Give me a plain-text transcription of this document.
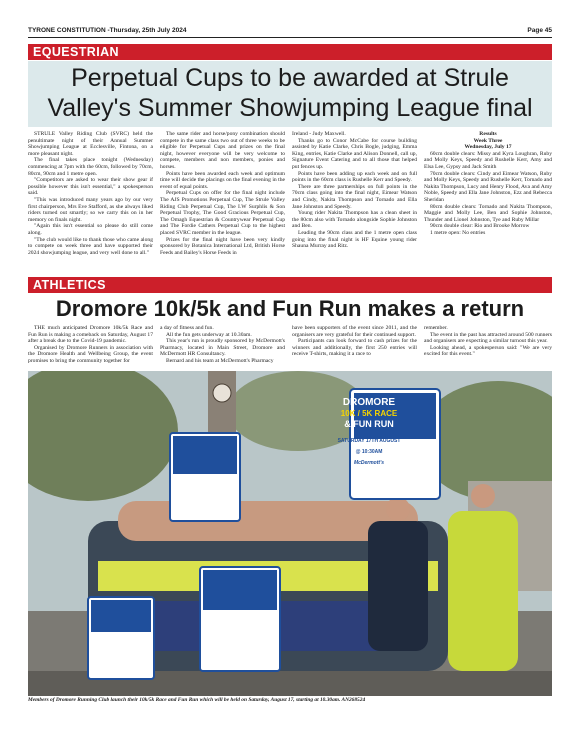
TYRONE CONSTITUTION -Thursday, 25th July 2024	Page 45
EQUESTRIAN
Perpetual Cups to be awarded at Strule
Valley's Summer Showjumping League final

STRULE Valley Riding Club (SVRC) held the penultimate night of their Annual Summer Showjumping League at Ecclesville, Fintona, on a more pleasant night.

The final takes place tonight (Wednesday) commencing at 7pm with the 60cm, followed by 70cm, 80cm, 90cm and 1 metre open.

"Competitors are asked to wear their show gear if possible however this isn't essential," a spokesperson said.

"This was introduced many years ago by our very first chairperson, Mrs Eve Stafford, as she always liked riders turned out smartly; so we carry this on in her memory on finals night.

"Again this isn't essential so please do still come along.

"The club would like to thank those who came along to compete on week three and have supported their 2024 showjumping league, and very well done to all."

The same rider and horse/pony combination should compete in the same class two out of three weeks to be eligible for Perpetual Cups and prizes on the final night, however everyone will be very welcome to compete, members and non members, ponies and horses.

Points have been awarded each week and optimum time will decide the placings on the final evening in the event of equal points.

Perpetual Cups on offer for the final night include The AJS Promotions Perpetual Cup, The Strule Valley Riding Club Perpetual Cup, The I.W Surphlis & Son Perpetual Trophy, The Good Gracious Perpetual Cup, The Omagh Equestrian & Countrywear Perpetual Cup and The Fordie Cathers Perpetual Cup to the highest placed SVRC member in the league.

Prizes for the final night have been very kindly sponsored by Botanica International Ltd, British Horse Feeds and Bailey's Horse Feeds in

Ireland - Judy Maxwell.

Thanks go to Conor McCabe for course building assisted by Katie Clarke, Chris Bogle, judging, Emma King, entries, Katie Clarke and Alison Donnell, call up, Signature Event Catering and to all those that helped put fences up.

Points have been adding up each week and on full points in the 60cm class is Rushelle Kerr and Speedy.

There are three partnerships on full points in the 70cm class going into the final night, Eimear Watson and Cindy, Nakita Thompson and Tornado and Ella Jane Johnston and Speedy.

Young rider Nakita Thompson has a clean sheet in the 80cm also with Tornado alongside Sophie Johnston and Ben.

Leading the 90cm class and the 1 metre open class going into the final night is HF Equine young rider Shauna Murray and Ritz.

Results

Week Three

Wednesday, July 17

60cm double clears: Missy and Kyra Loughran, Ruby and Molly Keys, Speedy and Rushelle Kerr, Amy and Elsa Lee, Gypsy and Jack Smith

70cm double clears: Cindy and Eimear Watson, Ruby and Molly Keys, Speedy and Rushelle Kerr, Tornado and Nakita Thompson, Lucy and Henry Flood, Ava and Amy Noble, Speedy and Ella Jane Johnston, Ezz and Rebecca Sheridan

80cm double clears: Tornado and Nakita Thompson, Maggie and Molly Lee, Ben and Sophie Johnston, Thunder and Lionel Johnston, Tye and Ruby Millar

90cm double clear: Rio and Brooke Morrow

1 metre open: No entries

ATHLETICS
Dromore 10k/5k and Fun Run makes a return

THE much anticipated Dromore 10k/5k Race and Fun Run is making a comeback on Saturday, August 17 after a break due to the Covid-19 pandemic.

Organised by Dromore Runners in association with the Dromore Health and Wellbeing Group, the event promises to bring the community together for

a day of fitness and fun.

All the fun gets underway at 10.30am.

This year's run is proudly sponsored by McDermott's Pharmacy, located in Main Street, Dromore and McDermott HR Consultancy.

Bernard and his team at McDermott's Pharmacy

have been supporters of the event since 2011, and the organisers are very grateful for their continued support.

Participants can look forward to cash prizes for the winners and additionally, the first 250 entries will receive T-shirts, making it a race to

remember.

The event in the past has attracted around 500 runners and organisers are expecting a similar turnout this year.

Looking ahead, a spokesperson said: "We are very excited for this event."

DROMORE
10K / 5K RACE
& FUN RUN
SATURDAY 17TH AUGUST
@ 10:30AM
McDermott's
Members of Dromore Running Club launch their 10k/5k Race and Fun Run which will be held on Saturday, August 17, starting at 10.30am. AN268524
